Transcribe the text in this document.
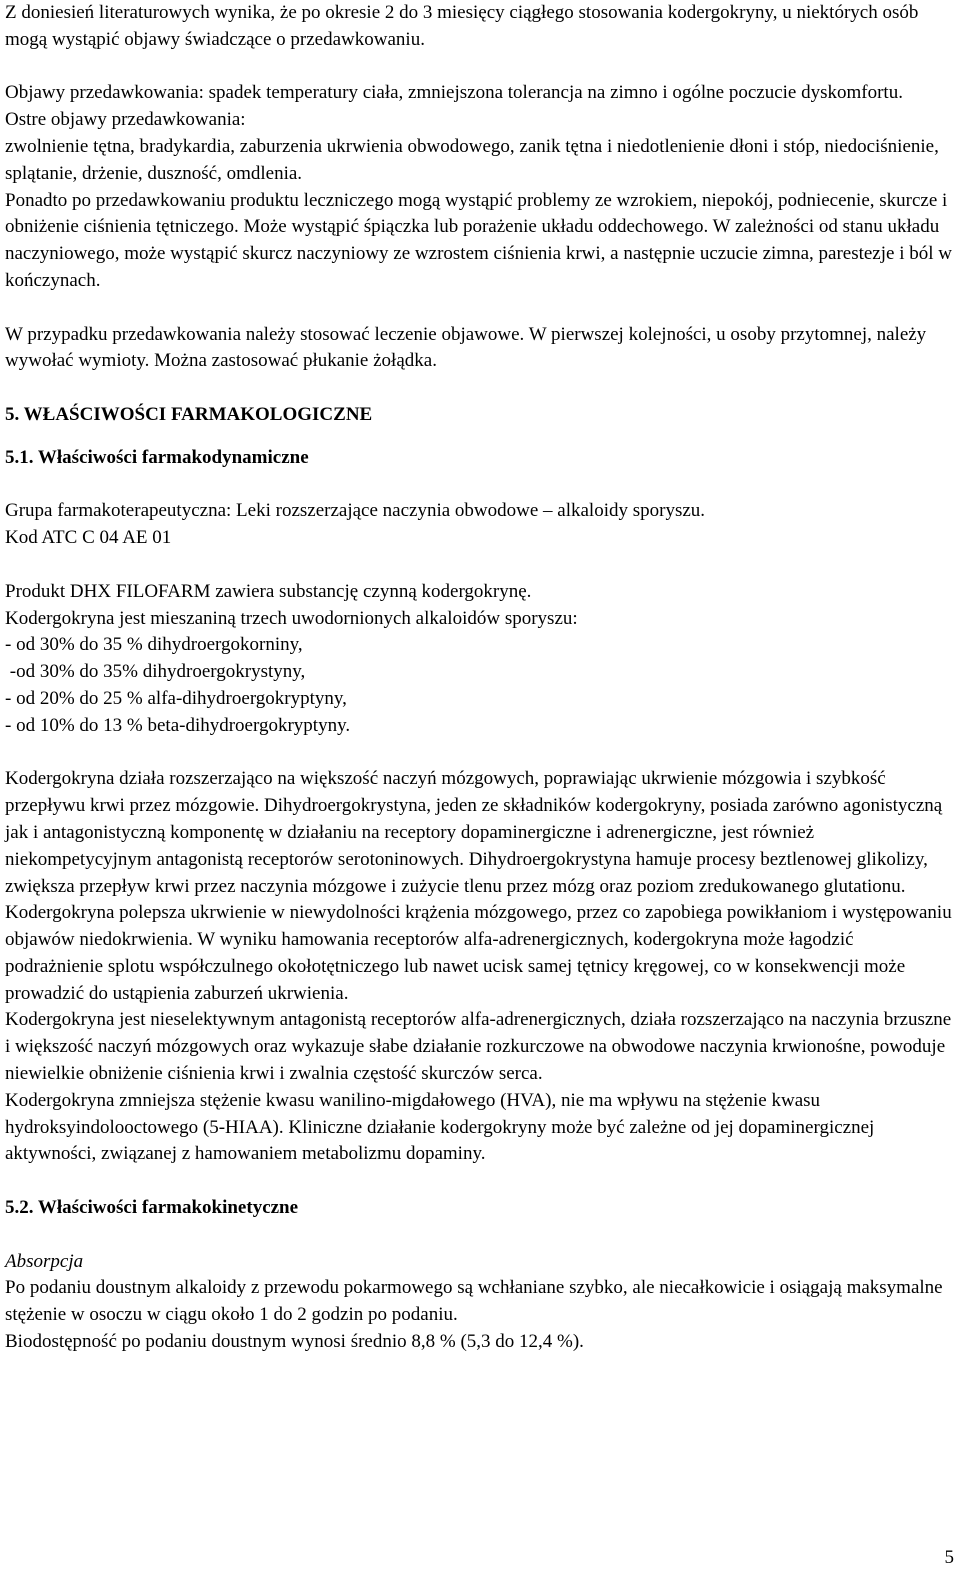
Z doniesień literaturowych wynika, że po okresie 2 do 3 miesięcy ciągłego stosowania kodergokryny, u niektórych osób mogą wystąpić objawy świadczące o przedawkowaniu.

Objawy przedawkowania: spadek temperatury ciała, zmniejszona tolerancja na zimno i ogólne poczucie dyskomfortu.

Ostre objawy przedawkowania:

zwolnienie tętna, bradykardia, zaburzenia ukrwienia obwodowego, zanik tętna i niedotlenienie dłoni i stóp, niedociśnienie, splątanie, drżenie, duszność, omdlenia.

Ponadto po przedawkowaniu produktu leczniczego mogą wystąpić problemy ze wzrokiem, niepokój, podniecenie, skurcze i obniżenie ciśnienia tętniczego. Może wystąpić śpiączka lub porażenie układu oddechowego. W zależności od stanu układu naczyniowego, może wystąpić skurcz naczyniowy ze wzrostem ciśnienia krwi, a następnie uczucie zimna, parestezje i ból w kończynach.

W przypadku przedawkowania należy stosować leczenie objawowe. W pierwszej kolejności, u osoby przytomnej, należy wywołać wymioty. Można zastosować płukanie żołądka.

5. WŁAŚCIWOŚCI FARMAKOLOGICZNE
5.1. Właściwości farmakodynamiczne

Grupa farmakoterapeutyczna: Leki rozszerzające naczynia obwodowe – alkaloidy sporyszu.

Kod ATC C 04 AE 01

Produkt DHX FILOFARM zawiera substancję czynną kodergokrynę.

Kodergokryna jest mieszaniną trzech uwodornionych alkaloidów sporyszu:

- od 30% do 35 % dihydroergokorniny,

-od 30% do 35% dihydroergokrystyny,

- od 20% do 25 % alfa-dihydroergokryptyny,

- od 10% do 13 % beta-dihydroergokryptyny.

Kodergokryna działa rozszerzająco na większość naczyń mózgowych, poprawiając ukrwienie mózgowia i szybkość przepływu krwi przez mózgowie. Dihydroergokrystyna, jeden ze składników kodergokryny, posiada zarówno agonistyczną jak i antagonistyczną komponentę w działaniu na receptory dopaminergiczne i adrenergiczne, jest również niekompetycyjnym antagonistą receptorów serotoninowych. Dihydroergokrystyna hamuje procesy beztlenowej glikolizy, zwiększa przepływ krwi przez naczynia mózgowe i zużycie tlenu przez mózg oraz poziom zredukowanego glutationu.

Kodergokryna polepsza ukrwienie w niewydolności krążenia mózgowego, przez co zapobiega powikłaniom i występowaniu objawów niedokrwienia. W wyniku hamowania receptorów alfa-adrenergicznych, kodergokryna może łagodzić podrażnienie splotu współczulnego okołotętniczego lub nawet ucisk samej tętnicy kręgowej, co w konsekwencji może prowadzić do ustąpienia zaburzeń ukrwienia.

Kodergokryna jest nieselektywnym antagonistą receptorów alfa-adrenergicznych, działa rozszerzająco na naczynia brzuszne i większość naczyń mózgowych oraz wykazuje słabe działanie rozkurczowe na obwodowe naczynia krwionośne, powoduje niewielkie obniżenie ciśnienia krwi i zwalnia częstość skurczów serca.

Kodergokryna zmniejsza stężenie kwasu wanilino-migdałowego (HVA), nie ma wpływu na stężenie kwasu hydroksyindolooctowego (5-HIAA). Kliniczne działanie kodergokryny może być zależne od jej dopaminergicznej aktywności, związanej z hamowaniem metabolizmu dopaminy.

5.2. Właściwości farmakokinetyczne

Absorpcja

Po podaniu doustnym alkaloidy z przewodu pokarmowego są wchłaniane szybko, ale niecałkowicie i osiągają maksymalne stężenie w osoczu w ciągu około 1 do 2 godzin po podaniu.

Biodostępność po podaniu doustnym wynosi średnio 8,8 % (5,3 do 12,4 %).

5
